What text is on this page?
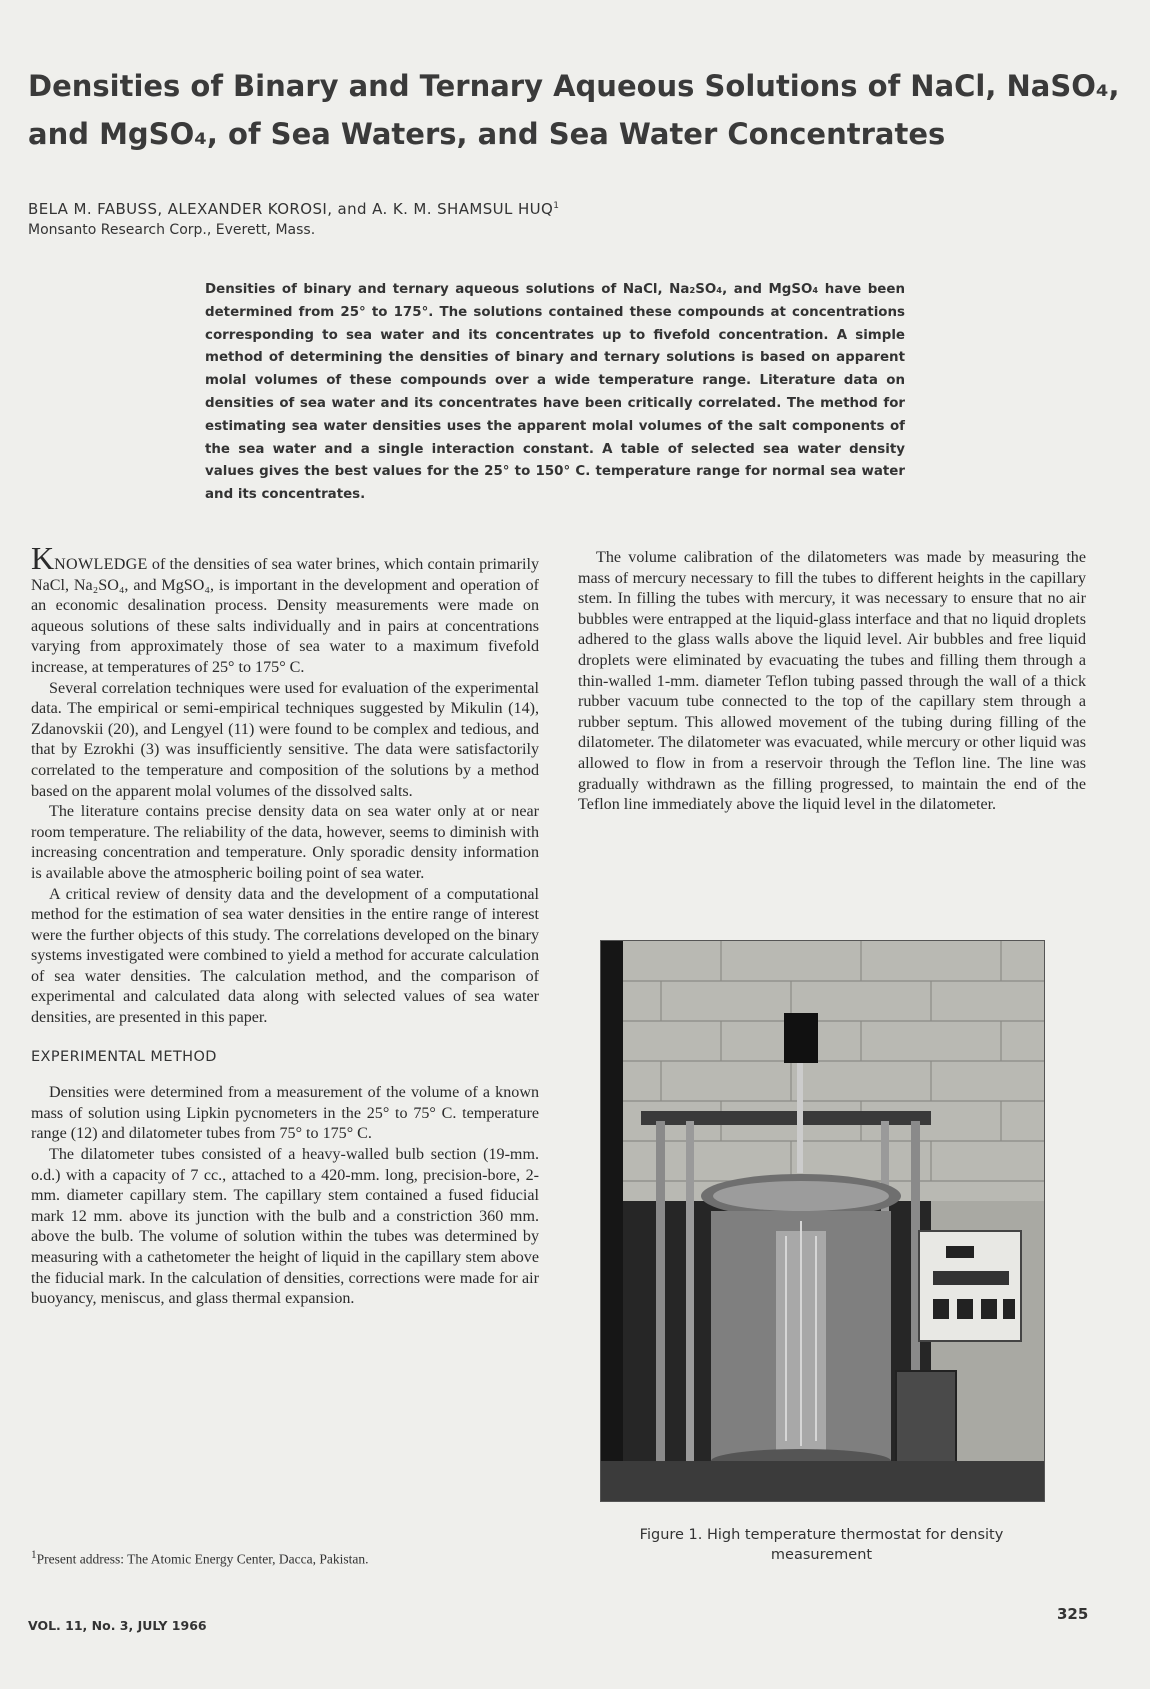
Densities of Binary and Ternary Aqueous Solutions of NaCl, NaSO₄, and MgSO₄, of Sea Waters, and Sea Water Concentrates
BELA M. FABUSS, ALEXANDER KOROSI, and A. K. M. SHAMSUL HUQ$^1$
Monsanto Research Corp., Everett, Mass.

Densities of binary and ternary aqueous solutions of NaCl, Na₂SO₄, and MgSO₄ have been determined from 25° to 175°. The solutions contained these compounds at concentrations corresponding to sea water and its concentrates up to fivefold concentration. A simple method of determining the densities of binary and ternary solutions is based on apparent molal volumes of these compounds over a wide temperature range. Literature data on densities of sea water and its concentrates have been critically correlated. The method for estimating sea water densities uses the apparent molal volumes of the salt components of the sea water and a single interaction constant. A table of selected sea water density values gives the best values for the 25° to 150° C. temperature range for normal sea water and its concentrates.

KNOWLEDGE of the densities of sea water brines, which contain primarily NaCl, Na₂SO₄, and MgSO₄, is important in the development and operation of an economic desalination process. Density measurements were made on aqueous solutions of these salts individually and in pairs at concentrations varying from approximately those of sea water to a maximum fivefold increase, at temperatures of 25° to 175° C.

Several correlation techniques were used for evaluation of the experimental data. The empirical or semi-empirical techniques suggested by Mikulin (14), Zdanovskii (20), and Lengyel (11) were found to be complex and tedious, and that by Ezrokhi (3) was insufficiently sensitive. The data were satisfactorily correlated to the temperature and composition of the solutions by a method based on the apparent molal volumes of the dissolved salts.

The literature contains precise density data on sea water only at or near room temperature. The reliability of the data, however, seems to diminish with increasing concentration and temperature. Only sporadic density information is available above the atmospheric boiling point of sea water.

A critical review of density data and the development of a computational method for the estimation of sea water densities in the entire range of interest were the further objects of this study. The correlations developed on the binary systems investigated were combined to yield a method for accurate calculation of sea water densities. The calculation method, and the comparison of experimental and calculated data along with selected values of sea water densities, are presented in this paper.

EXPERIMENTAL METHOD

Densities were determined from a measurement of the volume of a known mass of solution using Lipkin pycnometers in the 25° to 75° C. temperature range (12) and dilatometer tubes from 75° to 175° C.

The dilatometer tubes consisted of a heavy-walled bulb section (19-mm. o.d.) with a capacity of 7 cc., attached to a 420-mm. long, precision-bore, 2-mm. diameter capillary stem. The capillary stem contained a fused fiducial mark 12 mm. above its junction with the bulb and a constriction 360 mm. above the bulb. The volume of solution within the tubes was determined by measuring with a cathetometer the height of liquid in the capillary stem above the fiducial mark. In the calculation of densities, corrections were made for air buoyancy, meniscus, and glass thermal expansion.

$^1$Present address: The Atomic Energy Center, Dacca, Pakistan.

The volume calibration of the dilatometers was made by measuring the mass of mercury necessary to fill the tubes to different heights in the capillary stem. In filling the tubes with mercury, it was necessary to ensure that no air bubbles were entrapped at the liquid-glass interface and that no liquid droplets adhered to the glass walls above the liquid level. Air bubbles and free liquid droplets were eliminated by evacuating the tubes and filling them through a thin-walled 1-mm. diameter Teflon tubing passed through the wall of a thick rubber vacuum tube connected to the top of the capillary stem through a rubber septum. This allowed movement of the tubing during filling of the dilatometer. The dilatometer was evacuated, while mercury or other liquid was allowed to flow in from a reservoir through the Teflon line. The line was gradually withdrawn as the filling progressed, to maintain the end of the Teflon line immediately above the liquid level in the dilatometer.

Figure 1. High temperature thermostat for density measurement
VOL. 11, No. 3, JULY 1966
325
